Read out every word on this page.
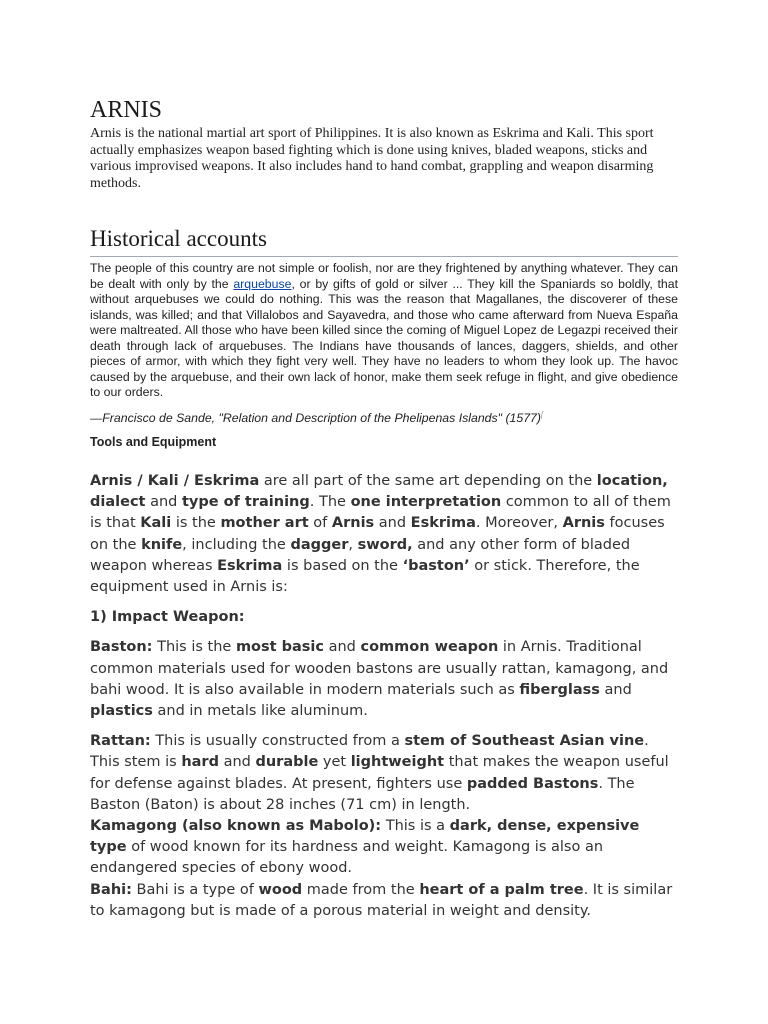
ARNIS

Arnis is the national martial art sport of Philippines. It is also known as Eskrima and Kali. This sport actually emphasizes weapon based fighting which is done using knives, bladed weapons, sticks and various improvised weapons. It also includes hand to hand combat, grappling and weapon disarming methods.

Historical accounts

The people of this country are not simple or foolish, nor are they frightened by anything whatever. They can be dealt with only by the arquebuse, or by gifts of gold or silver ... They kill the Spaniards so boldly, that without arquebuses we could do nothing. This was the reason that Magallanes, the discoverer of these islands, was killed; and that Villalobos and Sayavedra, and those who came afterward from Nueva España were maltreated. All those who have been killed since the coming of Miguel Lopez de Legazpi received their death through lack of arquebuses. The Indians have thousands of lances, daggers, shields, and other pieces of armor, with which they fight very well. They have no leaders to whom they look up. The havoc caused by the arquebuse, and their own lack of honor, make them seek refuge in flight, and give obedience to our orders.

—Francisco de Sande, "Relation and Description of the Phelipenas Islands" (1577)[

Tools and Equipment

Arnis / Kali / Eskrima are all part of the same art depending on the location, dialect and type of training. The one interpretation common to all of them is that Kali is the mother art of Arnis and Eskrima. Moreover, Arnis focuses on the knife, including the dagger, sword, and any other form of bladed weapon whereas Eskrima is based on the ‘baston’ or stick. Therefore, the equipment used in Arnis is:

1) Impact Weapon:

Baston: This is the most basic and common weapon in Arnis. Traditional common materials used for wooden bastons are usually rattan, kamagong, and bahi wood. It is also available in modern materials such as fiberglass and plastics and in metals like aluminum.

Rattan: This is usually constructed from a stem of Southeast Asian vine. This stem is hard and durable yet lightweight that makes the weapon useful for defense against blades. At present, fighters use padded Bastons. The Baston (Baton) is about 28 inches (71 cm) in length.

Kamagong (also known as Mabolo): This is a dark, dense, expensive type of wood known for its hardness and weight. Kamagong is also an endangered species of ebony wood.

Bahi: Bahi is a type of wood made from the heart of a palm tree. It is similar to kamagong but is made of a porous material in weight and density.
